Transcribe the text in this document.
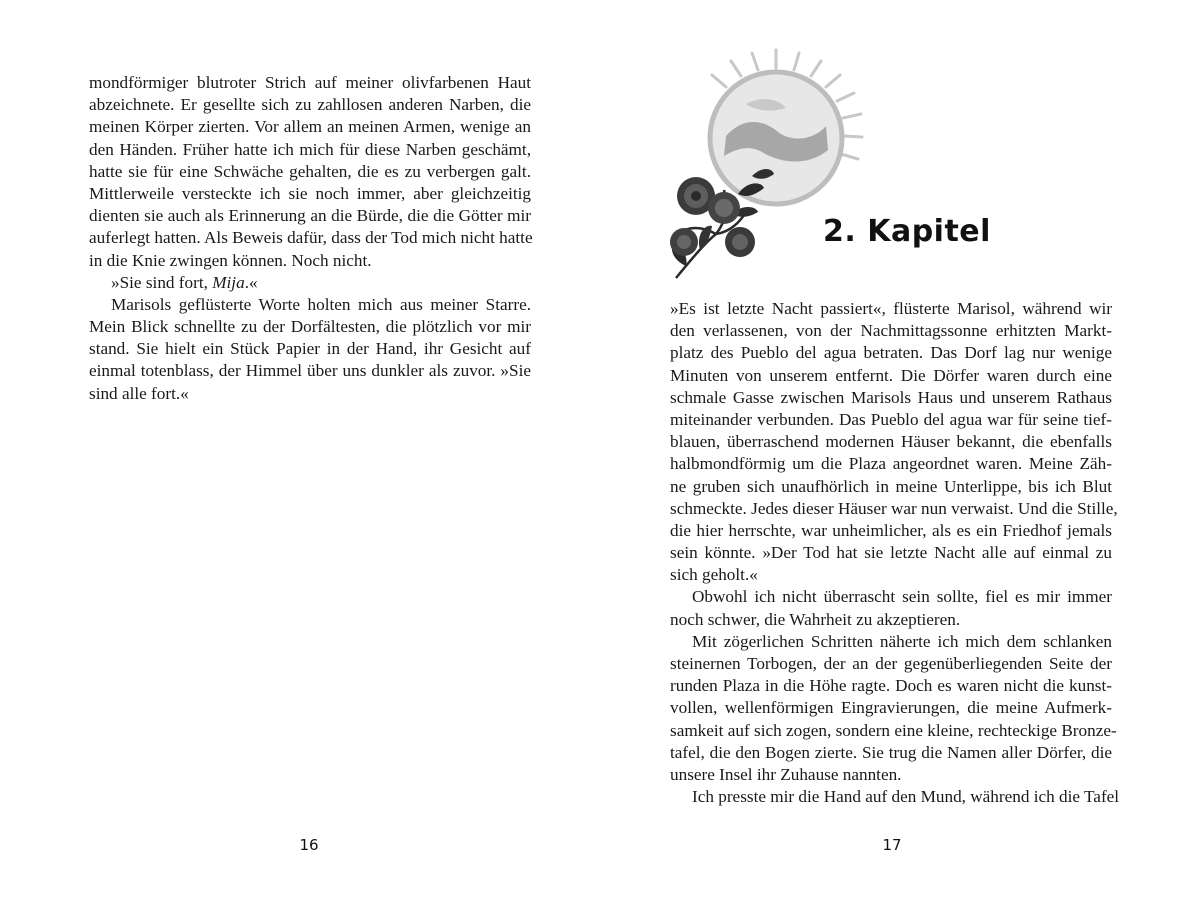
mondförmiger blutroter Strich auf meiner olivfarbenen Haut
abzeichnete. Er gesellte sich zu zahllosen anderen Narben, die
meinen Körper zierten. Vor allem an meinen Armen, wenige an
den Händen. Früher hatte ich mich für diese Narben geschämt,
hatte sie für eine Schwäche gehalten, die es zu verbergen galt.
Mittlerweile versteckte ich sie noch immer, aber gleichzeitig
dienten sie auch als Erinnerung an die Bürde, die die Götter mir
auferlegt hatten. Als Beweis dafür, dass der Tod mich nicht hatte
in die Knie zwingen können. Noch nicht.
»Sie sind fort, Mija.«
Marisols geflüsterte Worte holten mich aus meiner Starre.
Mein Blick schnellte zu der Dorfältesten, die plötzlich vor mir
stand. Sie hielt ein Stück Papier in der Hand, ihr Gesicht auf
einmal totenblass, der Himmel über uns dunkler als zuvor. »Sie
sind alle fort.«
16
2. Kapitel
»Es ist letzte Nacht passiert«, flüsterte Marisol, während wir
den verlassenen, von der Nachmittagssonne erhitzten Markt-
platz des Pueblo del agua betraten. Das Dorf lag nur wenige
Minuten von unserem entfernt. Die Dörfer waren durch eine
schmale Gasse zwischen Marisols Haus und unserem Rathaus
miteinander verbunden. Das Pueblo del agua war für seine tief-
blauen, überraschend modernen Häuser bekannt, die ebenfalls
halbmondförmig um die Plaza angeordnet waren. Meine Zäh-
ne gruben sich unaufhörlich in meine Unterlippe, bis ich Blut
schmeckte. Jedes dieser Häuser war nun verwaist. Und die Stille,
die hier herrschte, war unheimlicher, als es ein Friedhof jemals
sein könnte. »Der Tod hat sie letzte Nacht alle auf einmal zu
sich geholt.«
Obwohl ich nicht überrascht sein sollte, fiel es mir immer
noch schwer, die Wahrheit zu akzeptieren.
Mit zögerlichen Schritten näherte ich mich dem schlanken
steinernen Torbogen, der an der gegenüberliegenden Seite der
runden Plaza in die Höhe ragte. Doch es waren nicht die kunst-
vollen, wellenförmigen Eingravierungen, die meine Aufmerk-
samkeit auf sich zogen, sondern eine kleine, rechteckige Bronze-
tafel, die den Bogen zierte. Sie trug die Namen aller Dörfer, die
unsere Insel ihr Zuhause nannten.
Ich presste mir die Hand auf den Mund, während ich die Tafel
17
